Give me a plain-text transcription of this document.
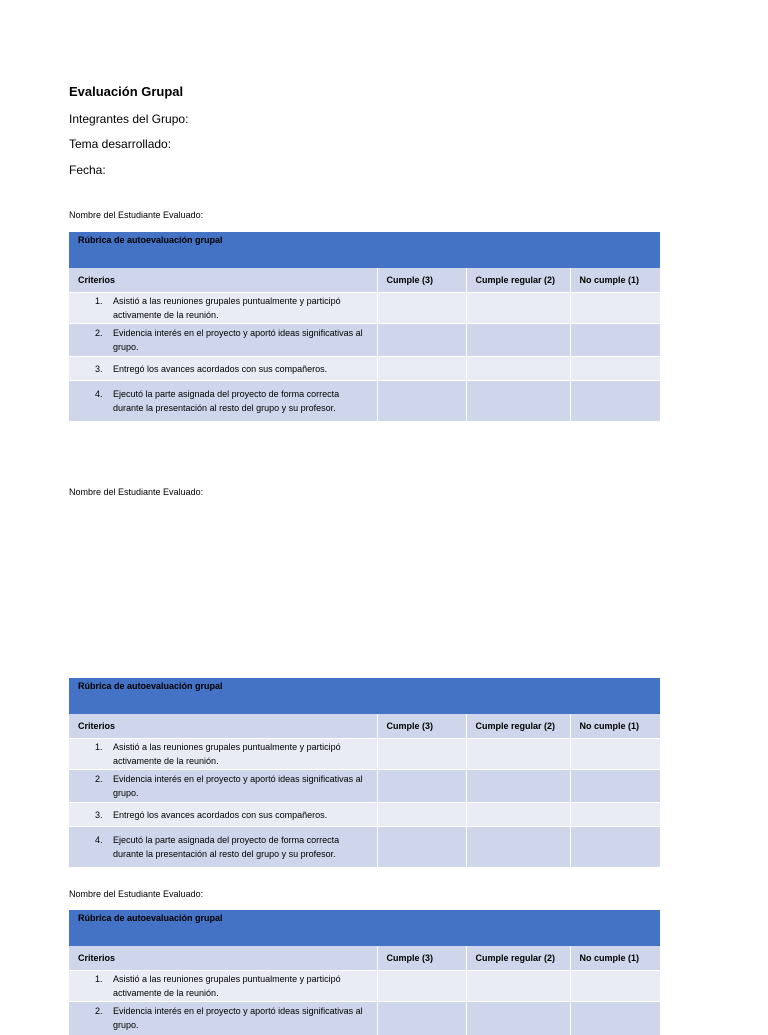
Evaluación Grupal
Integrantes del Grupo:
Tema desarrollado:
Fecha:
Nombre del Estudiante Evaluado:
Rúbrica de autoevaluación grupal			
Criterios	Cumple (3)	Cumple regular (2)	No cumple (1)

1. Asistió a las reuniones grupales puntualmente y participó activamente de la reunión.			

2. Evidencia interés en el proyecto y aportó ideas significativas al grupo.			

3. Entregó los avances acordados con sus compañeros.			

4. Ejecutó la parte asignada del proyecto de forma correcta durante la presentación al resto del grupo y su profesor.			

Nombre del Estudiante Evaluado:
Rúbrica de autoevaluación grupal			
Criterios	Cumple (3)	Cumple regular (2)	No cumple (1)

1. Asistió a las reuniones grupales puntualmente y participó activamente de la reunión.			

2. Evidencia interés en el proyecto y aportó ideas significativas al grupo.			

3. Entregó los avances acordados con sus compañeros.			

4. Ejecutó la parte asignada del proyecto de forma correcta durante la presentación al resto del grupo y su profesor.			

Nombre del Estudiante Evaluado:
Rúbrica de autoevaluación grupal			
Criterios	Cumple (3)	Cumple regular (2)	No cumple (1)

1. Asistió a las reuniones grupales puntualmente y participó activamente de la reunión.			

2. Evidencia interés en el proyecto y aportó ideas significativas al grupo.			
